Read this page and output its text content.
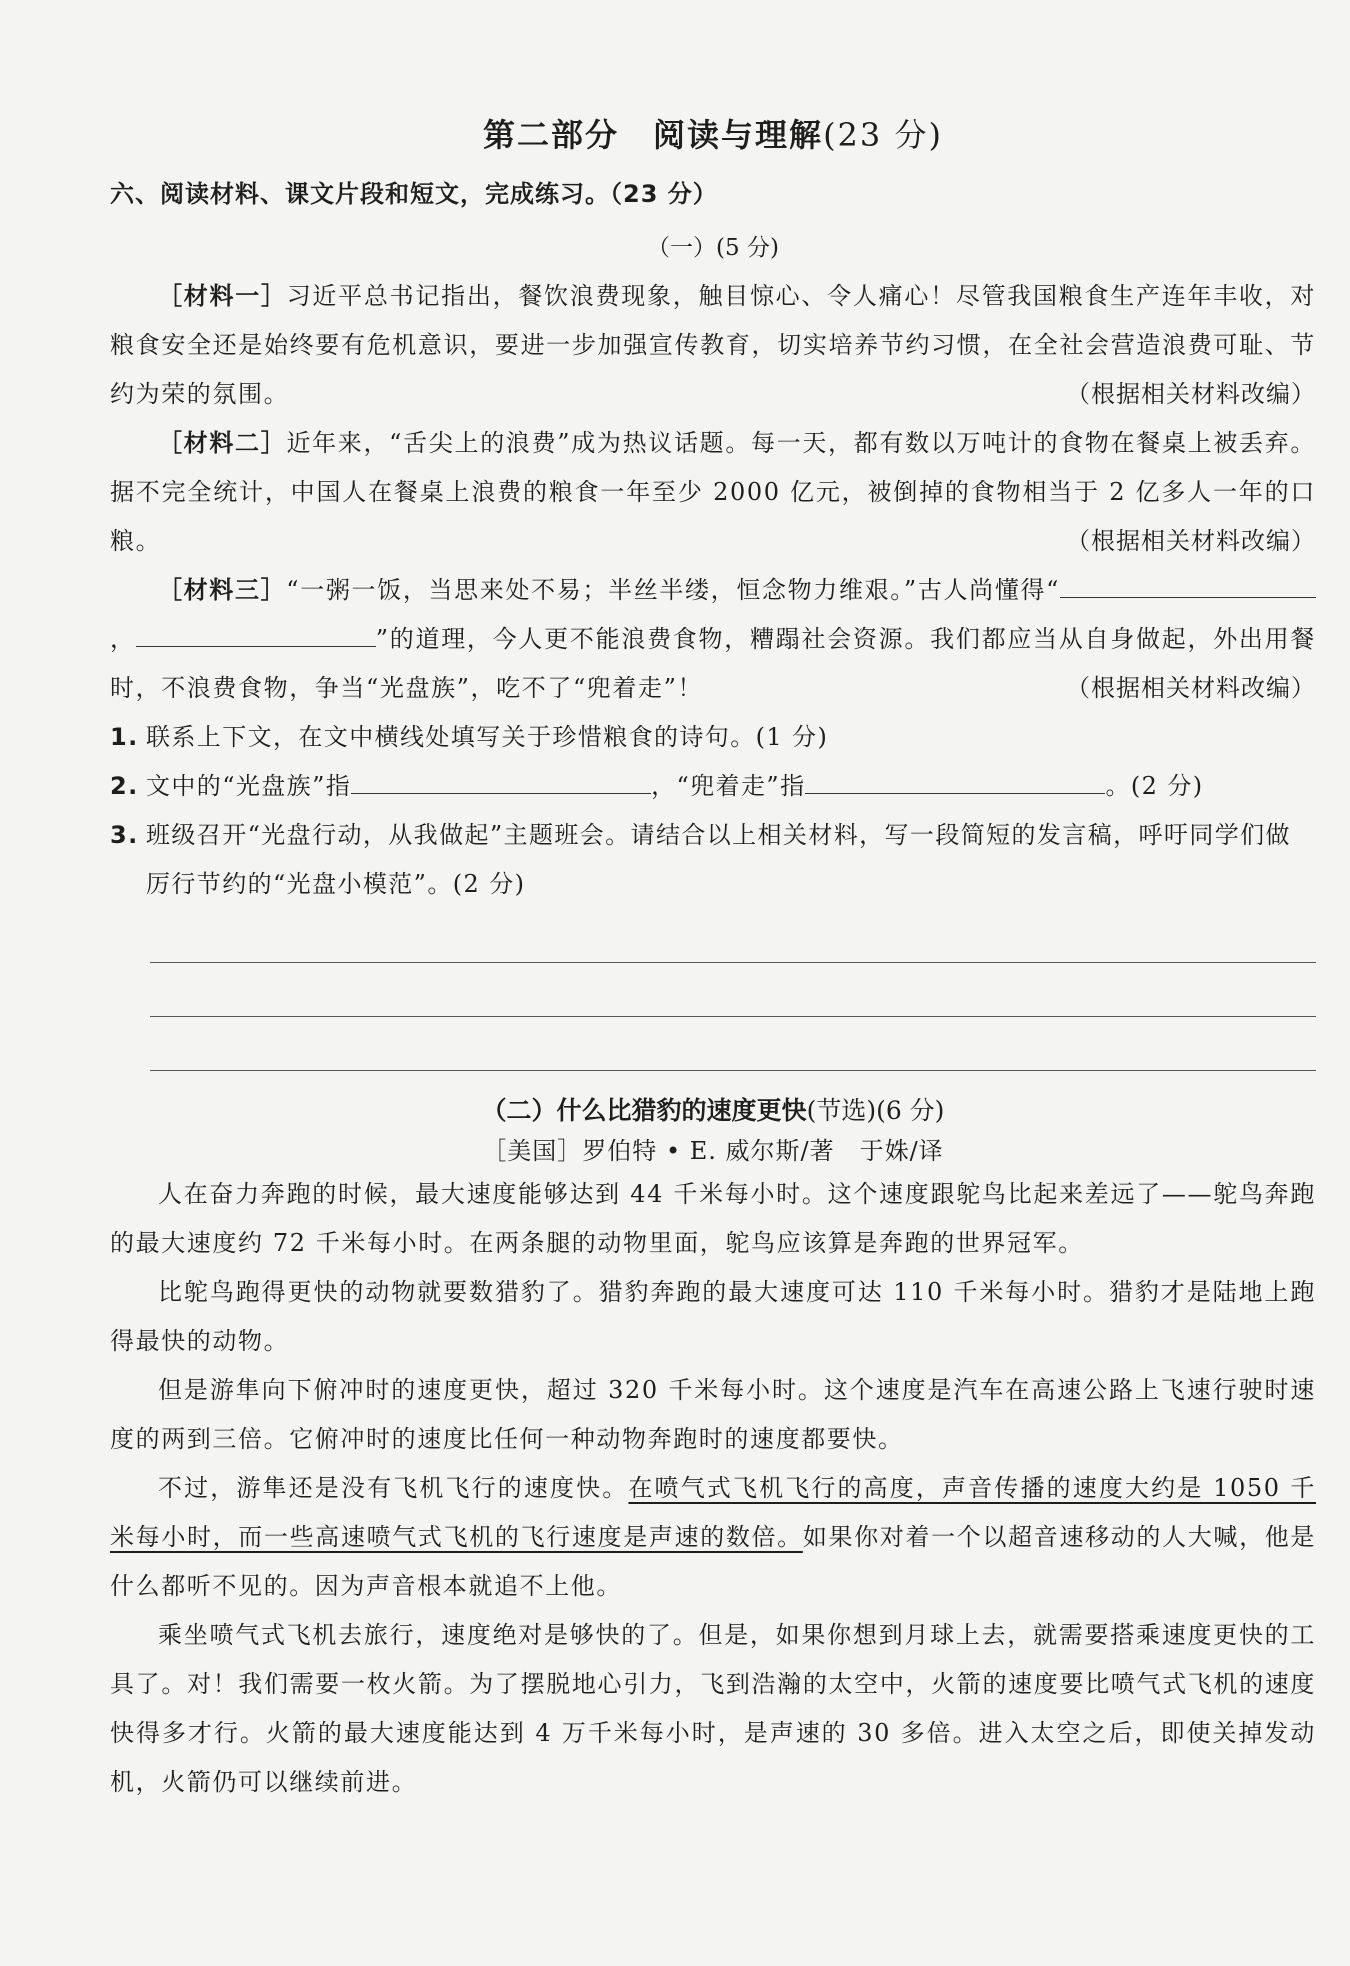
第二部分　阅读与理解(23 分)
六、阅读材料、课文片段和短文，完成练习。（23 分）
（一）(5 分)

［材料一］习近平总书记指出，餐饮浪费现象，触目惊心、令人痛心！尽管我国粮食生产连年丰收，对粮食安全还是始终要有危机意识，要进一步加强宣传教育，切实培养节约习惯，在全社会营造浪费可耻、节约为荣的氛围。	（根据相关材料改编）

［材料二］近年来，“舌尖上的浪费”成为热议话题。每一天，都有数以万吨计的食物在餐桌上被丢弃。据不完全统计，中国人在餐桌上浪费的粮食一年至少 2000 亿元，被倒掉的食物相当于 2 亿多人一年的口粮。	（根据相关材料改编）

［材料三］“一粥一饭，当思来处不易；半丝半缕，恒念物力维艰。”古人尚懂得“，	”的道理，今人更不能浪费食物，糟蹋社会资源。我们都应当从自身做起，外出用餐时，不浪费食物，争当“光盘族”，吃不了“兜着走”！	（根据相关材料改编）

1. 联系上下文，在文中横线处填写关于珍惜粮食的诗句。(1 分)

2. 文中的“光盘族”指	，“兜着走”指	。(2 分)

3. 班级召开“光盘行动，从我做起”主题班会。请结合以上相关材料，写一段简短的发言稿，呼吁同学们做厉行节约的“光盘小模范”。(2 分)

（二）什么比猎豹的速度更快(节选)(6 分)
［美国］罗伯特 • E. 威尔斯/著　于姝/译

人在奋力奔跑的时候，最大速度能够达到 44 千米每小时。这个速度跟鸵鸟比起来差远了——鸵鸟奔跑的最大速度约 72 千米每小时。在两条腿的动物里面，鸵鸟应该算是奔跑的世界冠军。

比鸵鸟跑得更快的动物就要数猎豹了。猎豹奔跑的最大速度可达 110 千米每小时。猎豹才是陆地上跑得最快的动物。

但是游隼向下俯冲时的速度更快，超过 320 千米每小时。这个速度是汽车在高速公路上飞速行驶时速度的两到三倍。它俯冲时的速度比任何一种动物奔跑时的速度都要快。

不过，游隼还是没有飞机飞行的速度快。在喷气式飞机飞行的高度，声音传播的速度大约是 1050 千米每小时，而一些高速喷气式飞机的飞行速度是声速的数倍。如果你对着一个以超音速移动的人大喊，他是什么都听不见的。因为声音根本就追不上他。

乘坐喷气式飞机去旅行，速度绝对是够快的了。但是，如果你想到月球上去，就需要搭乘速度更快的工具了。对！我们需要一枚火箭。为了摆脱地心引力，飞到浩瀚的太空中，火箭的速度要比喷气式飞机的速度快得多才行。火箭的最大速度能达到 4 万千米每小时，是声速的 30 多倍。进入太空之后，即使关掉发动机，火箭仍可以继续前进。
